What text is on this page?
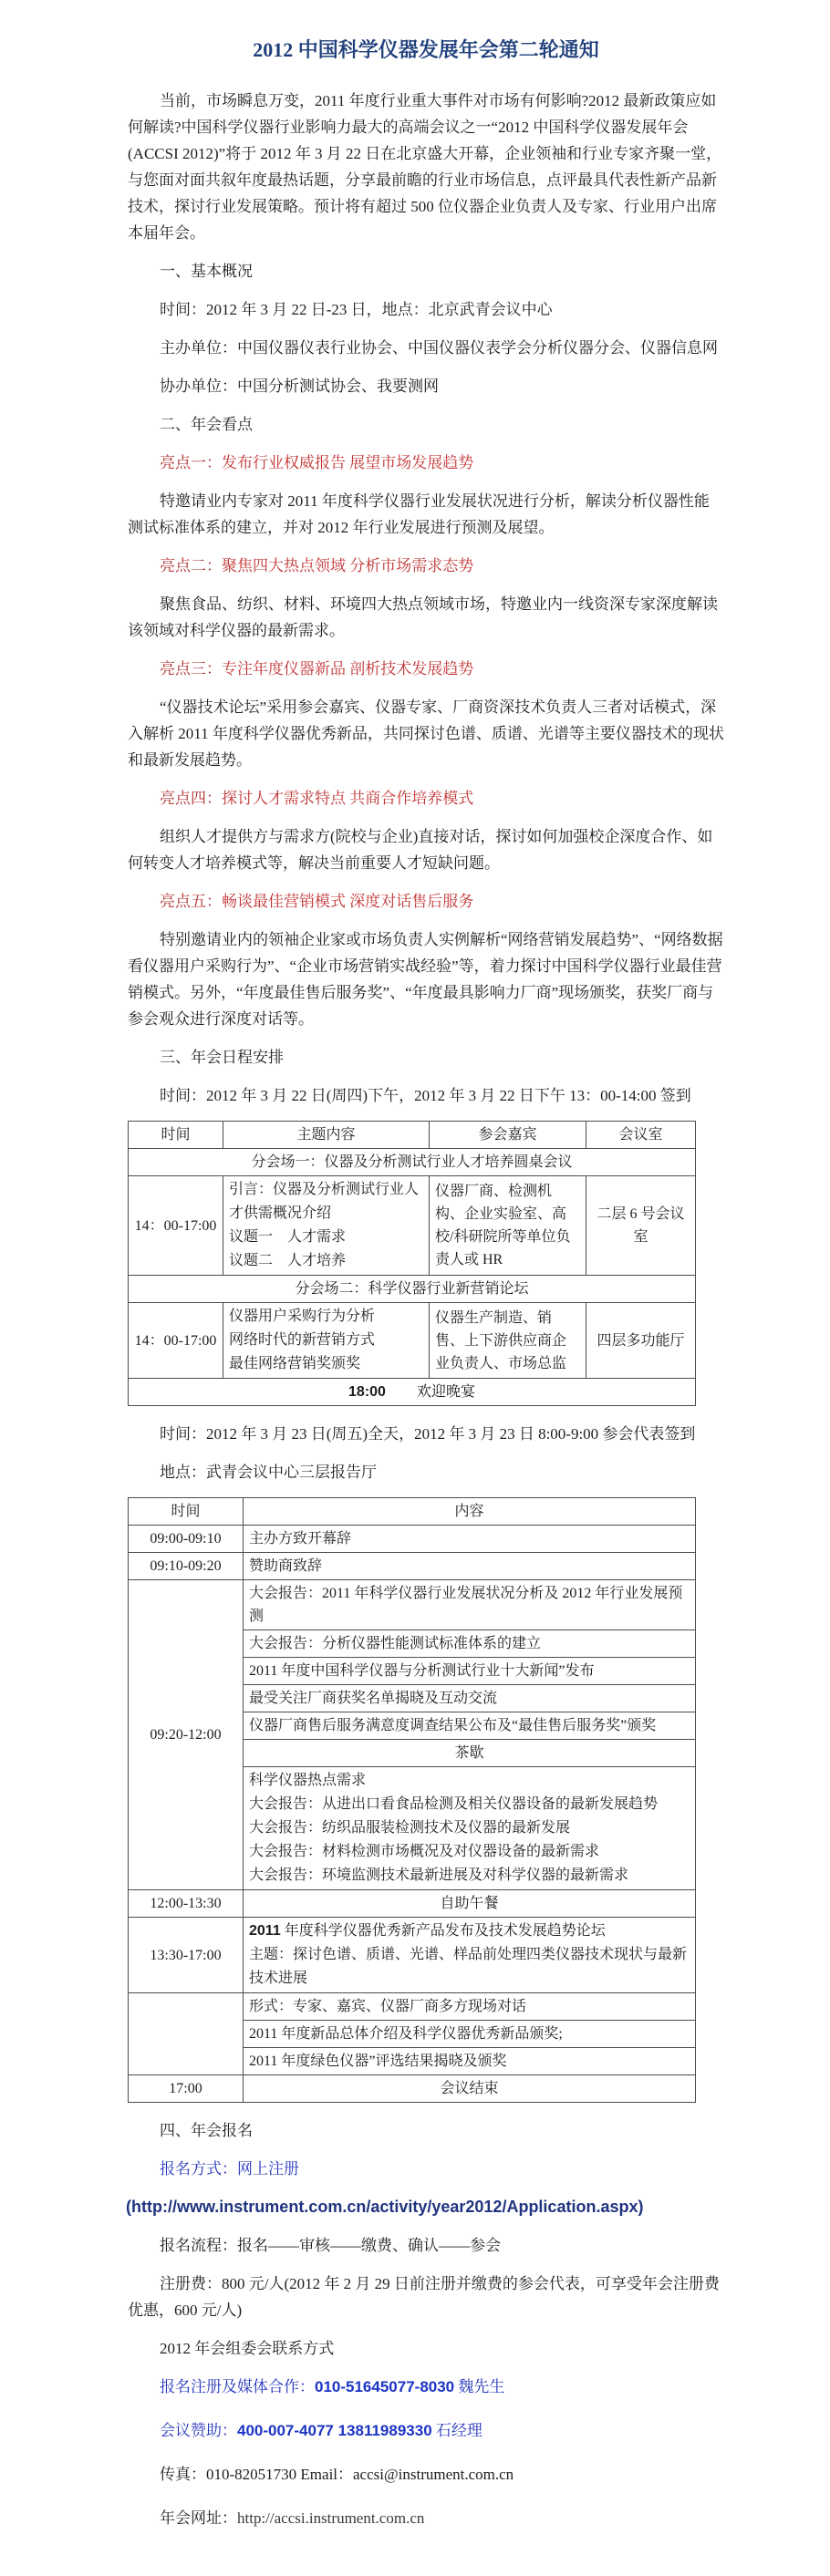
2012 中国科学仪器发展年会第二轮通知

当前，市场瞬息万变，2011 年度行业重大事件对市场有何影响?2012 最新政策应如何解读?中国科学仪器行业影响力最大的高端会议之一“2012 中国科学仪器发展年会(ACCSI 2012)”将于 2012 年 3 月 22 日在北京盛大开幕，企业领袖和行业专家齐聚一堂，与您面对面共叙年度最热话题，分享最前瞻的行业市场信息，点评最具代表性新产品新技术，探讨行业发展策略。预计将有超过 500 位仪器企业负责人及专家、行业用户出席本届年会。

一、基本概况

时间：2012 年 3 月 22 日-23 日，地点：北京武青会议中心

主办单位：中国仪器仪表行业协会、中国仪器仪表学会分析仪器分会、仪器信息网

协办单位：中国分析测试协会、我要测网

二、年会看点

亮点一：发布行业权威报告 展望市场发展趋势

特邀请业内专家对 2011 年度科学仪器行业发展状况进行分析，解读分析仪器性能测试标准体系的建立，并对 2012 年行业发展进行预测及展望。

亮点二：聚焦四大热点领域 分析市场需求态势

聚焦食品、纺织、材料、环境四大热点领域市场，特邀业内一线资深专家深度解读该领域对科学仪器的最新需求。

亮点三：专注年度仪器新品 剖析技术发展趋势

“仪器技术论坛”采用参会嘉宾、仪器专家、厂商资深技术负责人三者对话模式，深入解析 2011 年度科学仪器优秀新品，共同探讨色谱、质谱、光谱等主要仪器技术的现状和最新发展趋势。

亮点四：探讨人才需求特点 共商合作培养模式

组织人才提供方与需求方(院校与企业)直接对话，探讨如何加强校企深度合作、如何转变人才培养模式等，解决当前重要人才短缺问题。

亮点五：畅谈最佳营销模式 深度对话售后服务

特别邀请业内的领袖企业家或市场负责人实例解析“网络营销发展趋势”、“网络数据看仪器用户采购行为”、“企业市场营销实战经验”等，着力探讨中国科学仪器行业最佳营销模式。另外，“年度最佳售后服务奖”、“年度最具影响力厂商”现场颁奖，获奖厂商与参会观众进行深度对话等。

三、年会日程安排

时间：2012 年 3 月 22 日(周四)下午，2012 年 3 月 22 日下午 13：00-14:00 签到

时间	主题内容	参会嘉宾	会议室
分会场一：仪器及分析测试行业人才培养圆桌会议			
14：00-17:00	引言：仪器及分析测试行业人才供需概况介绍
议题一　人才需求
议题二　人才培养	仪器厂商、检测机构、企业实验室、高校/科研院所等单位负责人或 HR	二层 6 号会议室
分会场二：科学仪器行业新营销论坛			
14：00-17:00	仪器用户采购行为分析
网络时代的新营销方式
最佳网络营销奖颁奖	仪器生产制造、销售、上下游供应商企业负责人、市场总监	四层多功能厅
18:00 欢迎晚宴			

时间：2012 年 3 月 23 日(周五)全天，2012 年 3 月 23 日 8:00-9:00 参会代表签到

地点：武青会议中心三层报告厅

时间	内容
09:00-09:10	主办方致开幕辞
09:10-09:20	赞助商致辞
09:20-12:00	
大会报告：2011 年科学仪器行业发展状况分析及 2012 年行业发展预测
大会报告：分析仪器性能测试标准体系的建立
2011 年度中国科学仪器与分析测试行业十大新闻”发布
最受关注厂商获奖名单揭晓及互动交流
仪器厂商售后服务满意度调查结果公布及“最佳售后服务奖”颁奖
茶歇
科学仪器热点需求
大会报告：从进出口看食品检测及相关仪器设备的最新发展趋势
大会报告：纺织品服装检测技术及仪器的最新发展
大会报告：材料检测市场概况及对仪器设备的最新需求
大会报告：环境监测技术最新进展及对科学仪器的最新需求

12:00-13:30	自助午餐
13:30-17:00	2011 年度科学仪器优秀新产品发布及技术发展趋势论坛
主题：探讨色谱、质谱、光谱、样品前处理四类仪器技术现状与最新技术进展

	形式：专家、嘉宾、仪器厂商多方现场对话
2011 年度新品总体介绍及科学仪器优秀新品颁奖;
2011 年度绿色仪器”评选结果揭晓及颁奖

17:00	会议结束

四、年会报名

报名方式：网上注册

(http://www.instrument.com.cn/activity/year2012/Application.aspx)

报名流程：报名——审核——缴费、确认——参会

注册费：800 元/人(2012 年 2 月 29 日前注册并缴费的参会代表，可享受年会注册费优惠，600 元/人)

2012 年会组委会联系方式

报名注册及媒体合作：010-51645077-8030 魏先生

会议赞助：400-007-4077 13811989330 石经理

传真：010-82051730 Email：accsi@instrument.com.cn

年会网址：http://accsi.instrument.com.cn
